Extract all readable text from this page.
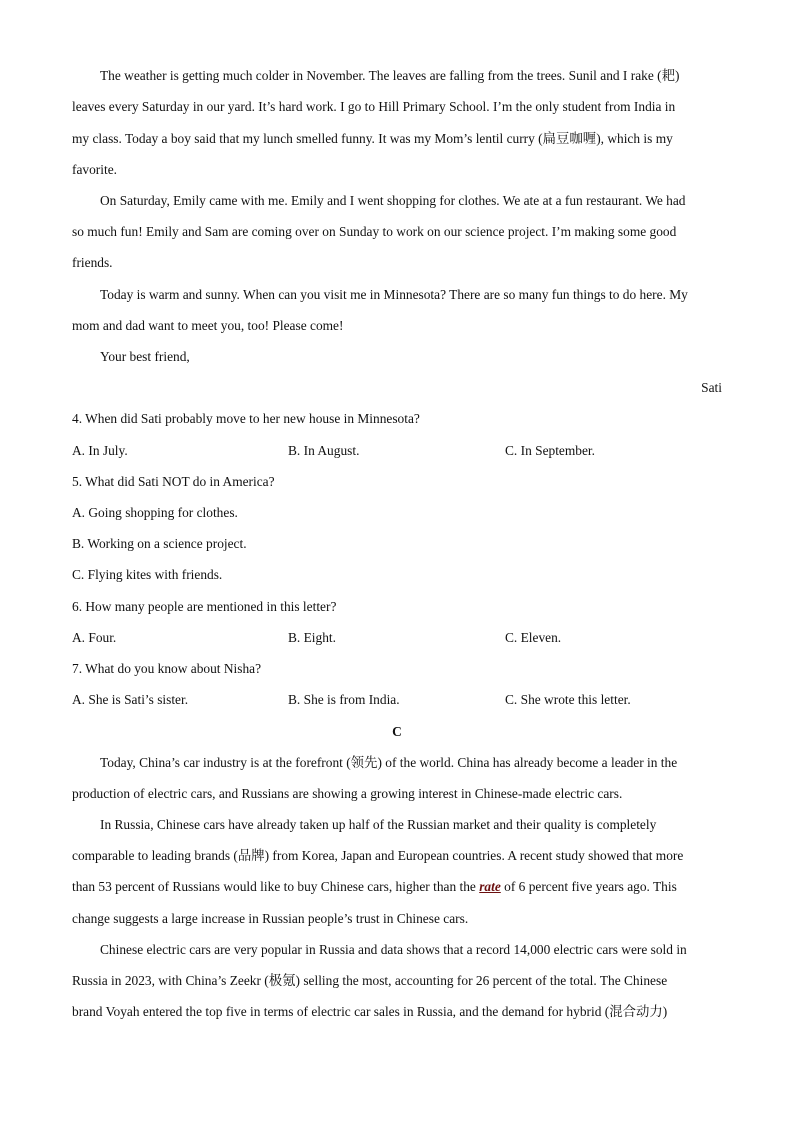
The weather is getting much colder in November. The leaves are falling from the trees. Sunil and I rake (耙)
leaves every Saturday in our yard. It’s hard work. I go to Hill Primary School. I’m the only student from India in
my class. Today a boy said that my lunch smelled funny. It was my Mom’s lentil curry (扁豆咖喱), which is my
favorite.
On Saturday, Emily came with me. Emily and I went shopping for clothes. We ate at a fun restaurant. We had
so much fun! Emily and Sam are coming over on Sunday to work on our science project. I’m making some good
friends.
Today is warm and sunny. When can you visit me in Minnesota? There are so many fun things to do here. My
mom and dad want to meet you, too! Please come!
Your best friend,
Sati
4. When did Sati probably move to her new house in Minnesota?
A. In July.	B. In August.	C. In September.
5. What did Sati NOT do in America?
A. Going shopping for clothes.
B. Working on a science project.
C. Flying kites with friends.
6. How many people are mentioned in this letter?
A. Four.	B. Eight.	C. Eleven.
7. What do you know about Nisha?
A. She is Sati’s sister.	B. She is from India.	C. She wrote this letter.
C
Today, China’s car industry is at the forefront (领先) of the world. China has already become a leader in the
production of electric cars, and Russians are showing a growing interest in Chinese-made electric cars.
In Russia, Chinese cars have already taken up half of the Russian market and their quality is completely
comparable to leading brands (品牌) from Korea, Japan and European countries. A recent study showed that more
than 53 percent of Russians would like to buy Chinese cars, higher than the rate of 6 percent five years ago. This
change suggests a large increase in Russian people’s trust in Chinese cars.
Chinese electric cars are very popular in Russia and data shows that a record 14,000 electric cars were sold in
Russia in 2023, with China’s Zeekr (极氪) selling the most, accounting for 26 percent of the total. The Chinese
brand Voyah entered the top five in terms of electric car sales in Russia, and the demand for hybrid (混合动力)
